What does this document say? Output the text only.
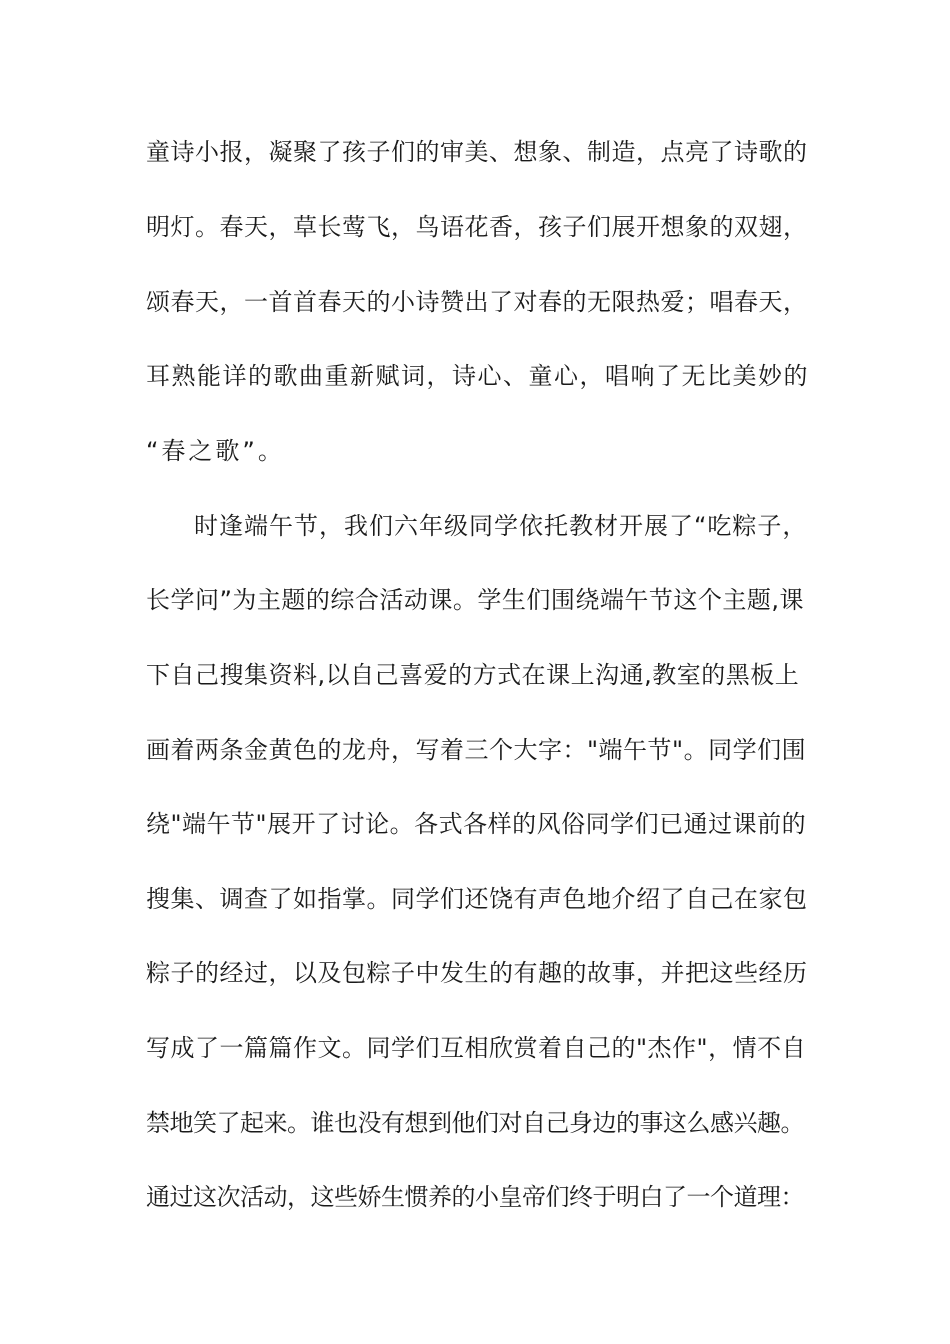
童诗小报，凝聚了孩子们的审美、想象、制造，点亮了诗歌的
明灯。春天，草长莺飞，鸟语花香，孩子们展开想象的双翅，
颂春天，一首首春天的小诗赞出了对春的无限热爱；唱春天，
耳熟能详的歌曲重新赋词，诗心、童心，唱响了无比美妙的
“春之歌”。
时逢端午节，我们六年级同学依托教材开展了“吃粽子，
长学问”为主题的综合活动课。学生们围绕端午节这个主题,课
下自己搜集资料,以自己喜爱的方式在课上沟通,教室的黑板上
画着两条金黄色的龙舟，写着三个大字："端午节"。同学们围
绕"端午节"展开了讨论。各式各样的风俗同学们已通过课前的
搜集、调查了如指掌。同学们还饶有声色地介绍了自己在家包
粽子的经过，以及包粽子中发生的有趣的故事，并把这些经历
写成了一篇篇作文。同学们互相欣赏着自己的"杰作"，情不自
禁地笑了起来。谁也没有想到他们对自己身边的事这么感兴趣。
通过这次活动，这些娇生惯养的小皇帝们终于明白了一个道理：
